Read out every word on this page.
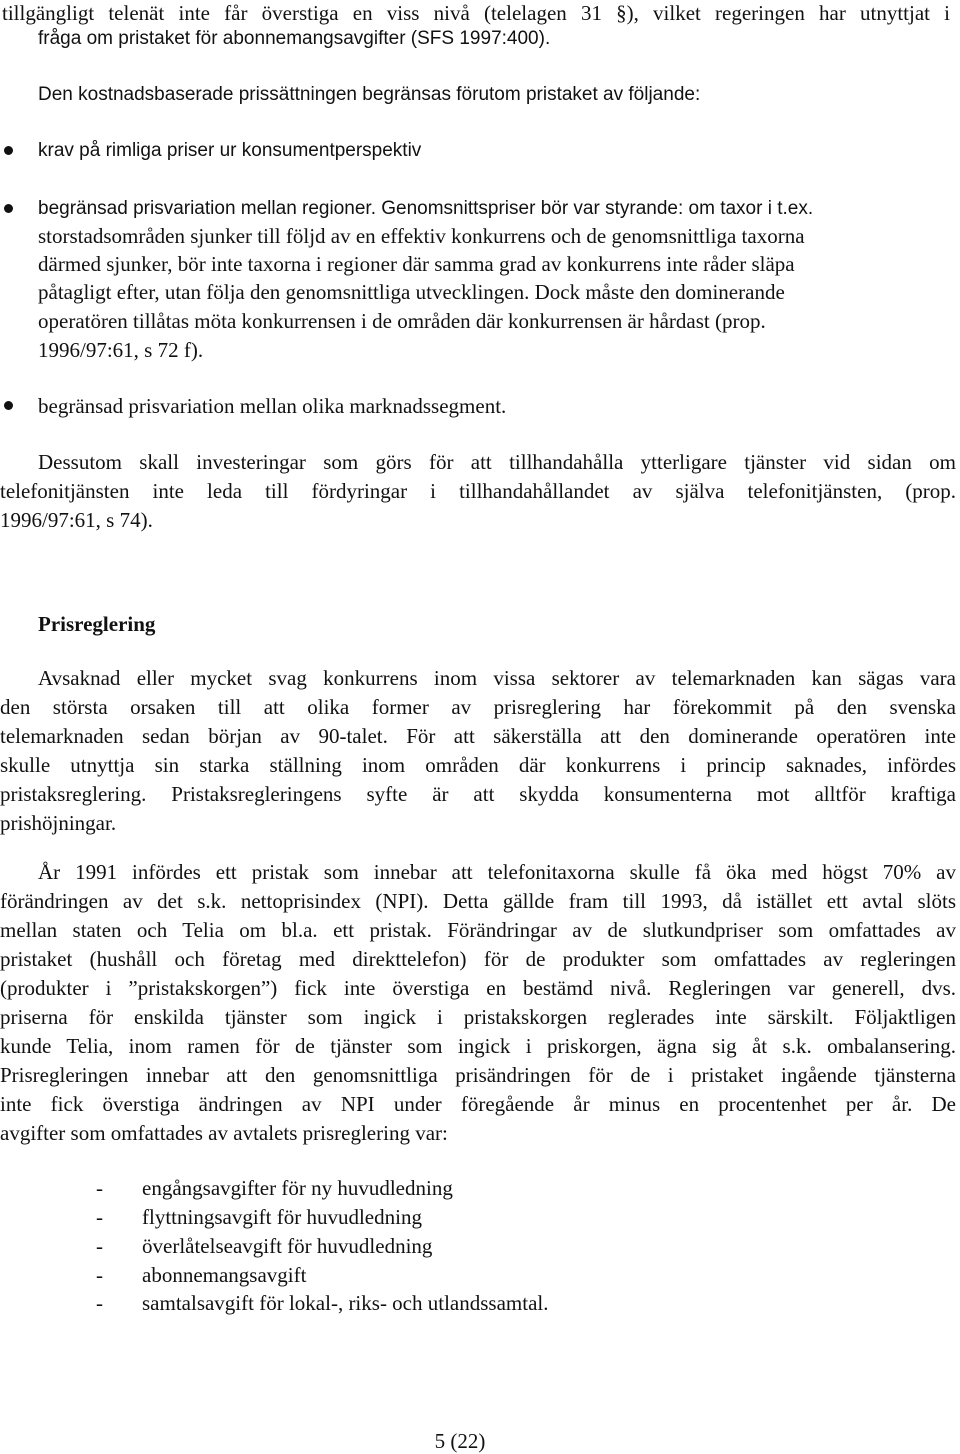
tillgängligt telenät inte får överstiga en viss nivå (telelagen 31 §), vilket regeringen har utnyttjat i

fråga om pristaket för abonnemangsavgifter (SFS 1997:400).

Den kostnadsbaserade prissättningen begränsas förutom pristaket av följande:

krav på rimliga priser ur konsumentperspektiv

begränsad prisvariation mellan regioner. Genomsnittspriser bör var styrande: om taxor i t.ex.

storstadsområden sjunker till följd av en effektiv konkurrens och de genomsnittliga taxorna

därmed sjunker, bör inte taxorna i regioner där samma grad av konkurrens inte råder släpa

påtagligt efter, utan följa den genomsnittliga utvecklingen. Dock måste den dominerande

operatören tillåtas möta konkurrensen i de områden där konkurrensen är hårdast (prop.

1996/97:61, s 72 f).

begränsad prisvariation mellan olika marknadssegment.

Dessutom skall investeringar som görs för att tillhandahålla ytterligare tjänster vid sidan om

telefonitjänsten inte leda till fördyringar i tillhandahållandet av själva telefonitjänsten, (prop.

1996/97:61, s 74).

Prisreglering

Avsaknad eller mycket svag konkurrens inom vissa sektorer av telemarknaden kan sägas vara

den största orsaken till att olika former av prisreglering har förekommit på den svenska

telemarknaden sedan början av 90-talet. För att säkerställa att den dominerande operatören inte

skulle utnyttja sin starka ställning inom områden där konkurrens i princip saknades, infördes

pristaksreglering. Pristaksregleringens syfte är att skydda konsumenterna mot alltför kraftiga

prishöjningar.

År 1991 infördes ett pristak som innebar att telefonitaxorna skulle få öka med högst 70% av

förändringen av det s.k. nettoprisindex (NPI). Detta gällde fram till 1993, då istället ett avtal slöts

mellan staten och Telia om bl.a. ett pristak. Förändringar av de slutkundpriser som omfattades av

pristaket (hushåll och företag med direkttelefon) för de produkter som omfattades av regleringen

(produkter i ”pristakskorgen”) fick inte överstiga en bestämd nivå. Regleringen var generell, dvs.

priserna för enskilda tjänster som ingick i pristakskorgen reglerades inte särskilt. Följaktligen

kunde Telia, inom ramen för de tjänster som ingick i priskorgen, ägna sig åt s.k. ombalansering.

Prisregleringen innebar att den genomsnittliga prisändringen för de i pristaket ingående tjänsterna

inte fick överstiga ändringen av NPI under föregående år minus en procentenhet per år. De

avgifter som omfattades av avtalets prisreglering var:

-	engångsavgifter för ny huvudledning

-	flyttningsavgift för huvudledning

-	överlåtelseavgift för huvudledning

-	abonnemangsavgift

-	samtalsavgift för lokal-, riks- och utlandssamtal.

5 (22)
